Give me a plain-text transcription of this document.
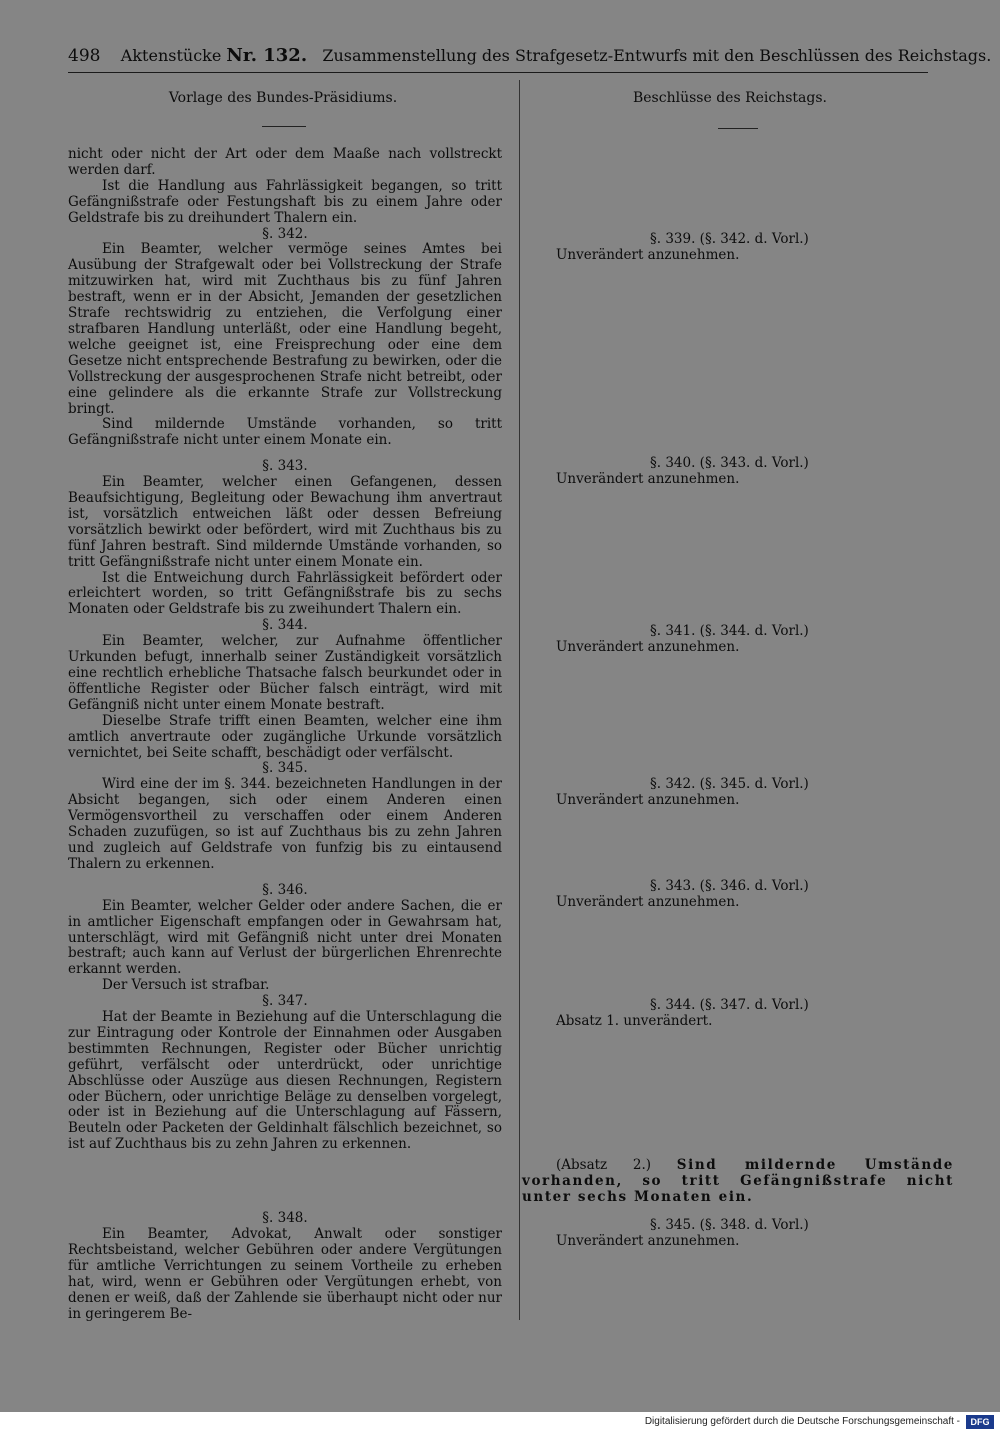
498 Aktenstücke Nr. 132. Zusammenstellung des Strafgesetz-Entwurfs mit den Beschlüssen des Reichstags.
Vorlage des Bundes-Präsidiums.	Beschlüsse des Reichstags.

nicht oder nicht der Art oder dem Maaße nach vollstreckt werden darf.

Ist die Handlung aus Fahrlässigkeit begangen, so tritt Gefängnißstrafe oder Festungshaft bis zu einem Jahre oder Geldstrafe bis zu dreihundert Thalern ein.

§. 342.

Ein Beamter, welcher vermöge seines Amtes bei Ausübung der Strafgewalt oder bei Vollstreckung der Strafe mitzuwirken hat, wird mit Zuchthaus bis zu fünf Jahren bestraft, wenn er in der Absicht, Jemanden der gesetzlichen Strafe rechtswidrig zu entziehen, die Verfolgung einer strafbaren Handlung unterläßt, oder eine Handlung begeht, welche geeignet ist, eine Freisprechung oder eine dem Gesetze nicht entsprechende Bestrafung zu bewirken, oder die Vollstreckung der ausgesprochenen Strafe nicht betreibt, oder eine gelindere als die erkannte Strafe zur Vollstreckung bringt.

Sind mildernde Umstände vorhanden, so tritt Gefängnißstrafe nicht unter einem Monate ein.

§. 343.

Ein Beamter, welcher einen Gefangenen, dessen Beaufsichtigung, Begleitung oder Bewachung ihm anvertraut ist, vorsätzlich entweichen läßt oder dessen Befreiung vorsätzlich bewirkt oder befördert, wird mit Zuchthaus bis zu fünf Jahren bestraft. Sind mildernde Umstände vorhanden, so tritt Gefängnißstrafe nicht unter einem Monate ein.

Ist die Entweichung durch Fahrlässigkeit befördert oder erleichtert worden, so tritt Gefängnißstrafe bis zu sechs Monaten oder Geldstrafe bis zu zweihundert Thalern ein.

§. 344.

Ein Beamter, welcher, zur Aufnahme öffentlicher Urkunden befugt, innerhalb seiner Zuständigkeit vorsätzlich eine rechtlich erhebliche Thatsache falsch beurkundet oder in öffentliche Register oder Bücher falsch einträgt, wird mit Gefängniß nicht unter einem Monate bestraft.

Dieselbe Strafe trifft einen Beamten, welcher eine ihm amtlich anvertraute oder zugängliche Urkunde vorsätzlich vernichtet, bei Seite schafft, beschädigt oder verfälscht.

§. 345.

Wird eine der im §. 344. bezeichneten Handlungen in der Absicht begangen, sich oder einem Anderen einen Vermögensvortheil zu verschaffen oder einem Anderen Schaden zuzufügen, so ist auf Zuchthaus bis zu zehn Jahren und zugleich auf Geldstrafe von funfzig bis zu eintausend Thalern zu erkennen.

§. 346.

Ein Beamter, welcher Gelder oder andere Sachen, die er in amtlicher Eigenschaft empfangen oder in Gewahrsam hat, unterschlägt, wird mit Gefängniß nicht unter drei Monaten bestraft; auch kann auf Verlust der bürgerlichen Ehrenrechte erkannt werden.

Der Versuch ist strafbar.

§. 347.

Hat der Beamte in Beziehung auf die Unterschlagung die zur Eintragung oder Kontrole der Einnahmen oder Ausgaben bestimmten Rechnungen, Register oder Bücher unrichtig geführt, verfälscht oder unterdrückt, oder unrichtige Abschlüsse oder Auszüge aus diesen Rechnungen, Registern oder Büchern, oder unrichtige Beläge zu denselben vorgelegt, oder ist in Beziehung auf die Unterschlagung auf Fässern, Beuteln oder Packeten der Geldinhalt fälschlich bezeichnet, so ist auf Zuchthaus bis zu zehn Jahren zu erkennen.

§. 348.

Ein Beamter, Advokat, Anwalt oder sonstiger Rechtsbeistand, welcher Gebühren oder andere Vergütungen für amtliche Verrichtungen zu seinem Vortheile zu erheben hat, wird, wenn er Gebühren oder Vergütungen erhebt, von denen er weiß, daß der Zahlende sie überhaupt nicht oder nur in geringerem Be-

§. 339. (§. 342. d. Vorl.)
Unverändert anzunehmen.
§. 340. (§. 343. d. Vorl.)
Unverändert anzunehmen.
§. 341. (§. 344. d. Vorl.)
Unverändert anzunehmen.
§. 342. (§. 345. d. Vorl.)
Unverändert anzunehmen.
§. 343. (§. 346. d. Vorl.)
Unverändert anzunehmen.
§. 344. (§. 347. d. Vorl.)
Absatz 1. unverändert.

(Absatz 2.) Sind mildernde Umstände vorhanden, so tritt Gefängnißstrafe nicht unter sechs Monaten ein.

§. 345. (§. 348. d. Vorl.)
Unverändert anzunehmen.
Digitalisierung gefördert durch die Deutsche Forschungsgemeinschaft -	DFG
